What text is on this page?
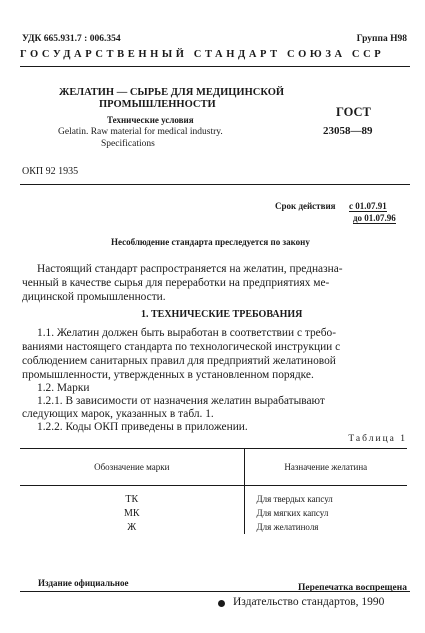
УДК 665.931.7 : 006.354	Группа Н98
ГОСУДАРСТВЕННЫЙ СТАНДАРТ СОЮЗА ССР
ЖЕЛАТИН — СЫРЬЕ ДЛЯ МЕДИЦИНСКОЙ
ПРОМЫШЛЕННОСТИ
Технические условия
Gelatin. Raw material for medical industry.
Specifications
ГОСТ
23058—89
ОКП 92 1935
Срок действия с 01.07.91
до 01.07.96
Несоблюдение стандарта преследуется по закону
Настоящий стандарт распространяется на желатин, предназна-
ченный в качестве сырья для переработки на предприятиях ме-
дицинской промышленности.
1. ТЕХНИЧЕСКИЕ ТРЕБОВАНИЯ
1.1. Желатин должен быть выработан в соответствии с требо-
ваниями настоящего стандарта по технологической инструкции с
соблюдением санитарных правил для предприятий желатиновой
промышленности, утвержденных в установленном порядке.
1.2. Марки
1.2.1. В зависимости от назначения желатин вырабатывают
следующих марок, указанных в табл. 1.
1.2.2. Коды ОКП приведены в приложении.
Таблица 1
Обозначение марки	Назначение желатина
ТК	Для твердых капсул
МК	Для мягких капсул
Ж	Для желатиноля
Издание официальное	Перепечатка воспрещена
Издательство стандартов, 1990
